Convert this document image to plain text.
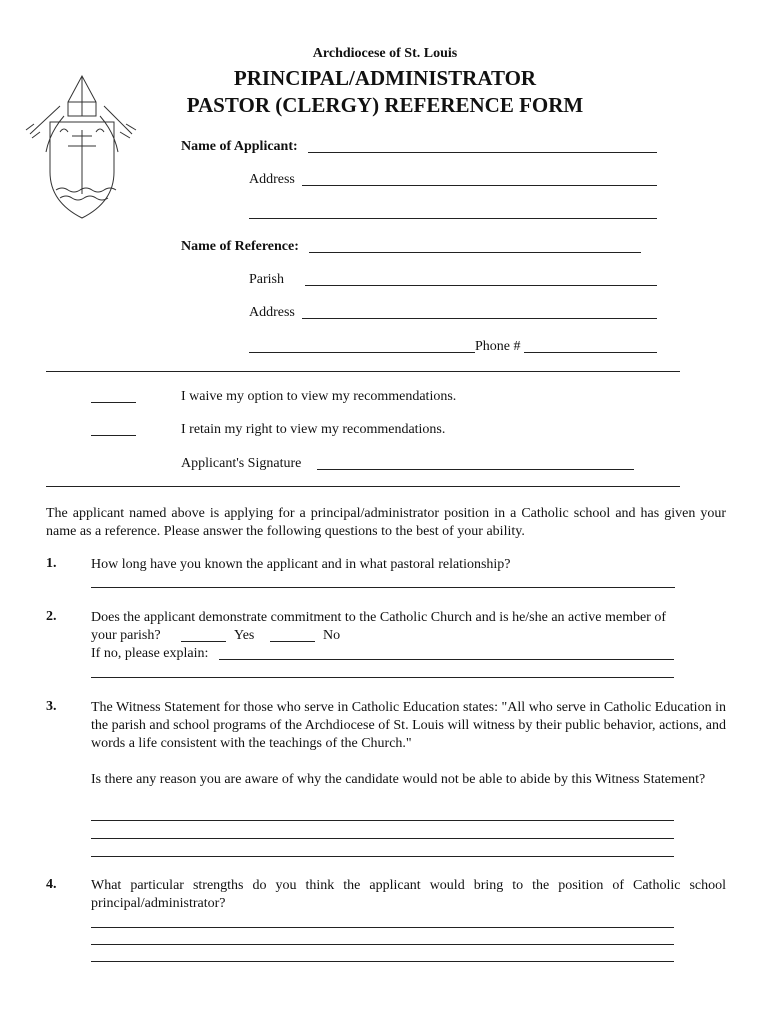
Archdiocese of St. Louis
PRINCIPAL/ADMINISTRATOR
PASTOR (CLERGY) REFERENCE FORM
Name of Applicant:
Address
Name of Reference:
Parish
Address
Phone #
I waive my option to view my recommendations.
I retain my right to view my recommendations.
Applicant's Signature
The applicant named above is applying for a principal/administrator position in a Catholic school and has given your name as a reference. Please answer the following questions to the best of your ability.
1. How long have you known the applicant and in what pastoral relationship?
2. Does the applicant demonstrate commitment to the Catholic Church and is he/she an active member of
your parish?	Yes	No
If no, please explain:
3. The Witness Statement for those who serve in Catholic Education states: "All who serve in Catholic Education in the parish and school programs of the Archdiocese of St. Louis will witness by their public behavior, actions, and words a life consistent with the teachings of the Church."
Is there any reason you are aware of why the candidate would not be able to abide by this Witness Statement?
4. What particular strengths do you think the applicant would bring to the position of Catholic school principal/administrator?
